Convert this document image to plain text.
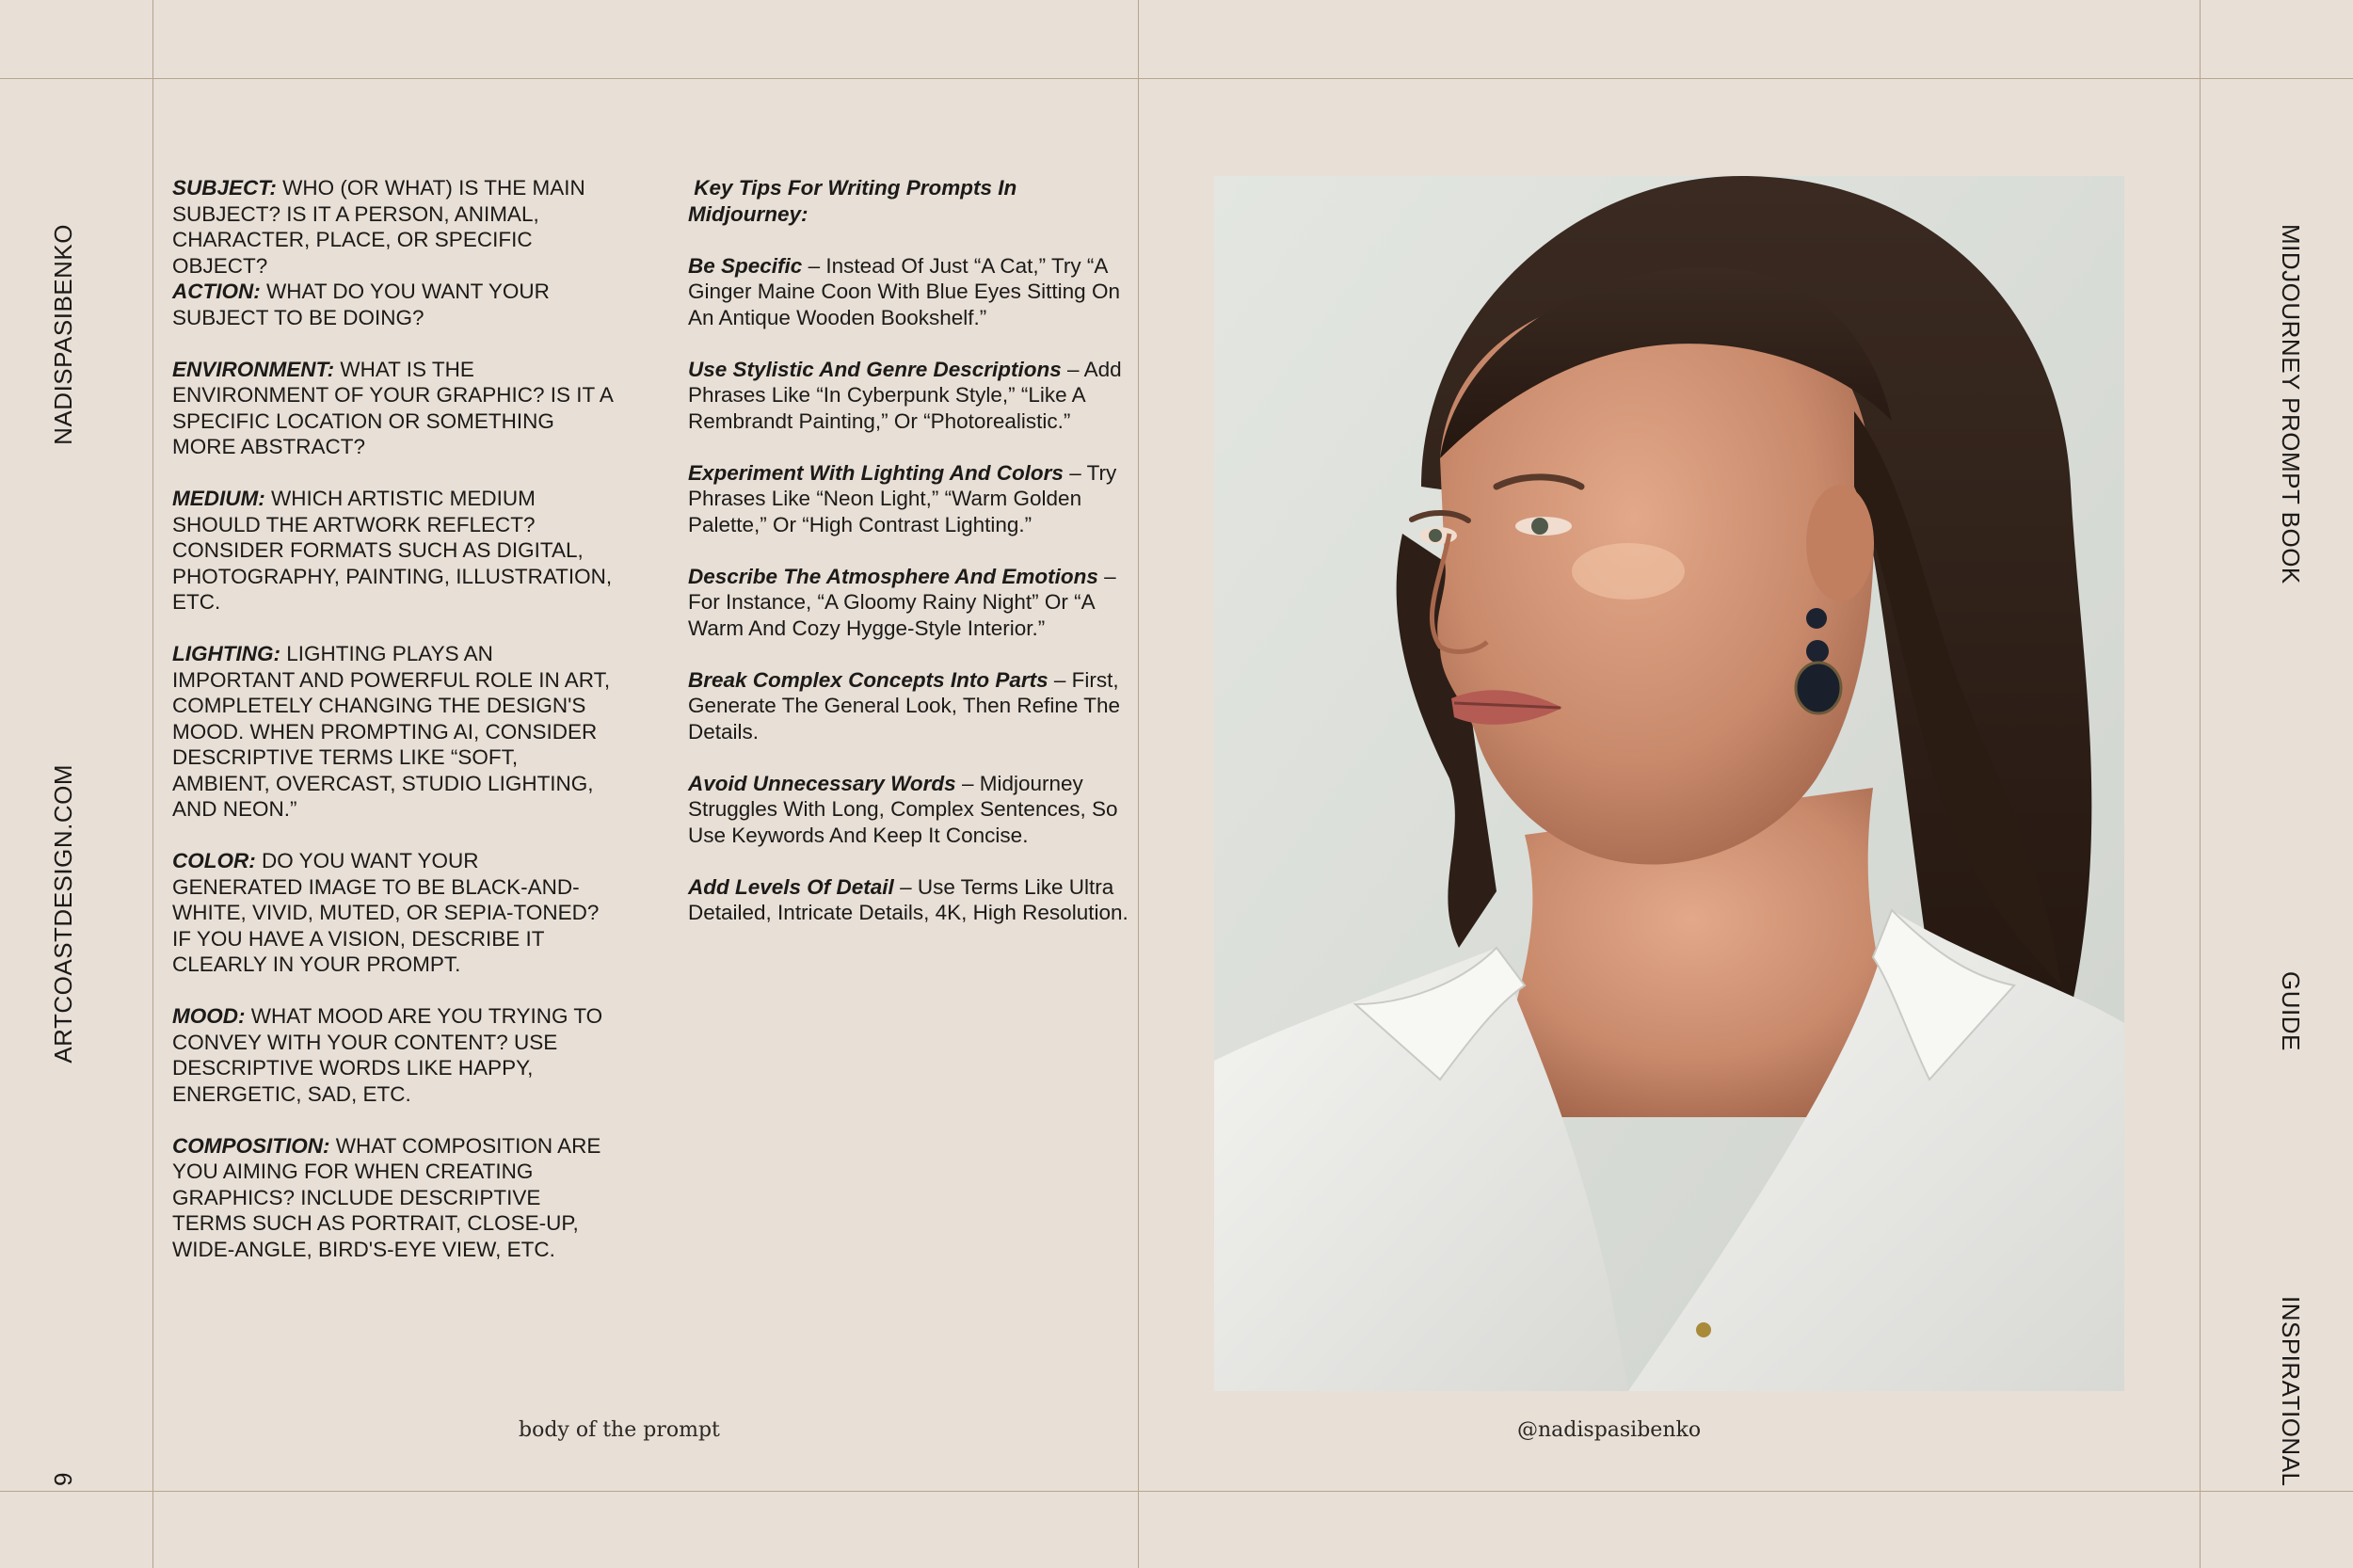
NADISPASIBENKO
ARTCOASTDESIGN.COM
9
MIDJOURNEY PROMPT BOOK
GUIDE
INSPIRATIONAL

SUBJECT: WHO (OR WHAT) IS THE MAIN SUBJECT? IS IT A PERSON, ANIMAL, CHARACTER, PLACE, OR SPECIFIC OBJECT?

ACTION: WHAT DO YOU WANT YOUR SUBJECT TO BE DOING?

ENVIRONMENT: WHAT IS THE ENVIRONMENT OF YOUR GRAPHIC? IS IT A SPECIFIC LOCATION OR SOMETHING MORE ABSTRACT?

MEDIUM: WHICH ARTISTIC MEDIUM SHOULD THE ARTWORK REFLECT? CONSIDER FORMATS SUCH AS DIGITAL, PHOTOGRAPHY, PAINTING, ILLUSTRATION, ETC.

LIGHTING: LIGHTING PLAYS AN IMPORTANT AND POWERFUL ROLE IN ART, COMPLETELY CHANGING THE DESIGN'S MOOD. WHEN PROMPTING AI, CONSIDER DESCRIPTIVE TERMS LIKE “SOFT, AMBIENT, OVERCAST, STUDIO LIGHTING, AND NEON.”

COLOR: DO YOU WANT YOUR GENERATED IMAGE TO BE BLACK-AND-WHITE, VIVID, MUTED, OR SEPIA-TONED? IF YOU HAVE A VISION, DESCRIBE IT CLEARLY IN YOUR PROMPT.

MOOD: WHAT MOOD ARE YOU TRYING TO CONVEY WITH YOUR CONTENT? USE DESCRIPTIVE WORDS LIKE HAPPY, ENERGETIC, SAD, ETC.

COMPOSITION: WHAT COMPOSITION ARE YOU AIMING FOR WHEN CREATING GRAPHICS? INCLUDE DESCRIPTIVE TERMS SUCH AS PORTRAIT, CLOSE-UP, WIDE-ANGLE, BIRD'S-EYE VIEW, ETC.

Key Tips For Writing Prompts In Midjourney:

Be Specific – Instead Of Just “A Cat,” Try “A Ginger Maine Coon With Blue Eyes Sitting On An Antique Wooden Bookshelf.”

Use Stylistic And Genre Descriptions – Add Phrases Like “In Cyberpunk Style,” “Like A Rembrandt Painting,” Or “Photorealistic.”

Experiment With Lighting And Colors – Try Phrases Like “Neon Light,” “Warm Golden Palette,” Or “High Contrast Lighting.”

Describe The Atmosphere And Emotions – For Instance, “A Gloomy Rainy Night” Or “A Warm And Cozy Hygge-Style Interior.”

Break Complex Concepts Into Parts – First, Generate The General Look, Then Refine The Details.

Avoid Unnecessary Words – Midjourney Struggles With Long, Complex Sentences, So Use Keywords And Keep It Concise.

Add Levels Of Detail – Use Terms Like Ultra Detailed, Intricate Details, 4K, High Resolution.

body of the prompt	@nadispasibenko
